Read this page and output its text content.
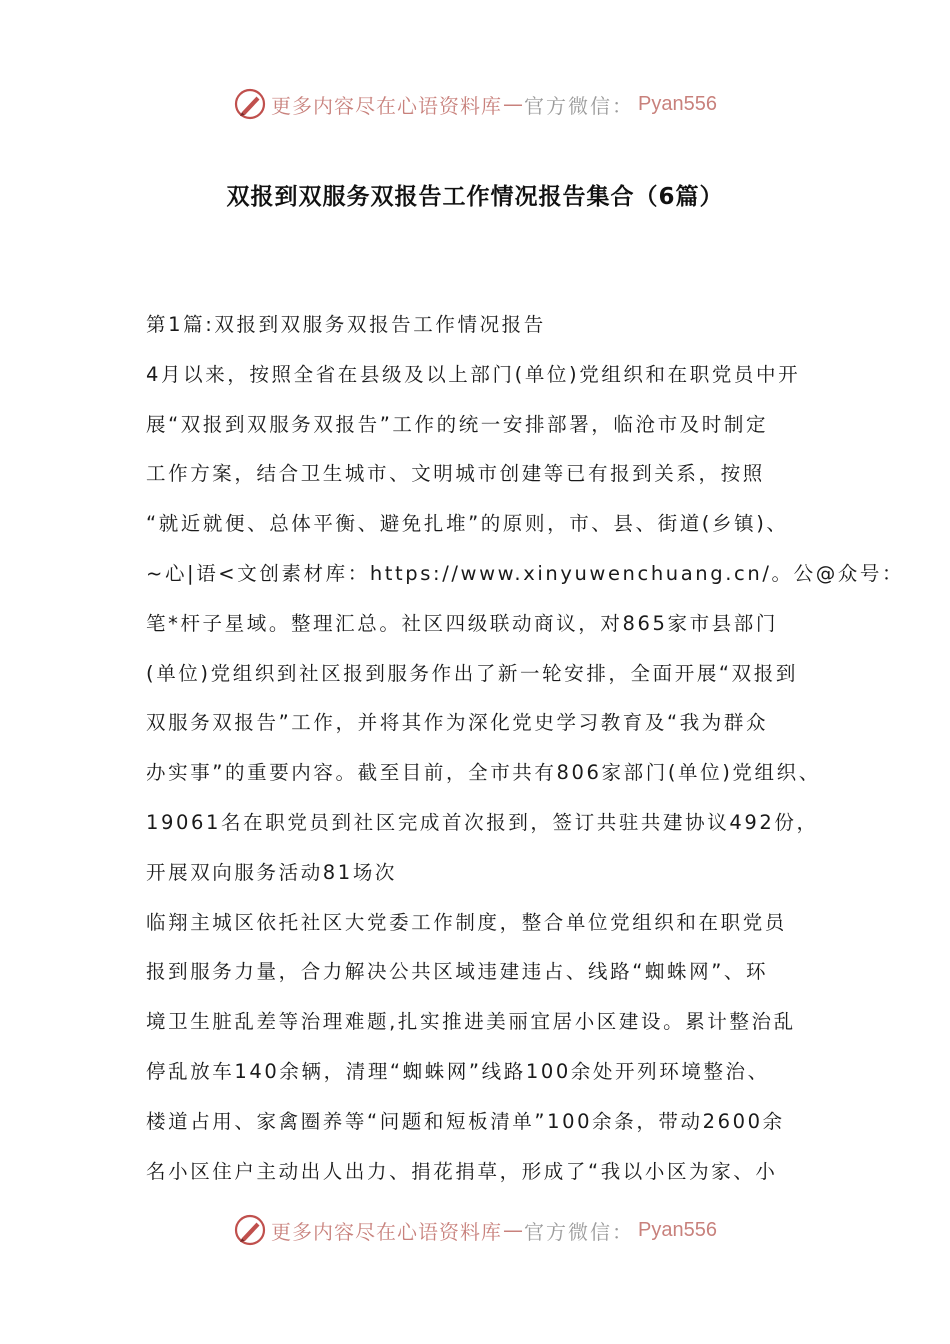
更多内容尽在心语资料库 — 官方微信： Pyan556
双报到双服务双报告工作情况报告集合（6篇）

第1篇:双报到双服务双报告工作情况报告

4月以来，按照全省在县级及以上部门(单位)党组织和在职党员中开
展“双报到双服务双报告”工作的统一安排部署，临沧市及时制定
工作方案，结合卫生城市、文明城市创建等已有报到关系，按照
“就近就便、总体平衡、避免扎堆”的原则，市、县、街道(乡镇)、
~心|语<文创素材库：https://www.xinyuwenchuang.cn/。公@众号：
笔*杆子星域。整理汇总。社区四级联动商议，对865家市县部门
(单位)党组织到社区报到服务作出了新一轮安排，全面开展“双报到
双服务双报告”工作，并将其作为深化党史学习教育及“我为群众
办实事”的重要内容。截至目前，全市共有806家部门(单位)党组织、
19061名在职党员到社区完成首次报到，签订共驻共建协议492份，
开展双向服务活动81场次

临翔主城区依托社区大党委工作制度，整合单位党组织和在职党员
报到服务力量，合力解决公共区域违建违占、线路“蜘蛛网”、环
境卫生脏乱差等治理难题,扎实推进美丽宜居小区建设。累计整治乱
停乱放车140余辆，清理“蜘蛛网”线路100余处开列环境整治、
楼道占用、家禽圈养等“问题和短板清单”100余条，带动2600余
名小区住户主动出人出力、捐花捐草，形成了“我以小区为家、小

更多内容尽在心语资料库 — 官方微信： Pyan556
